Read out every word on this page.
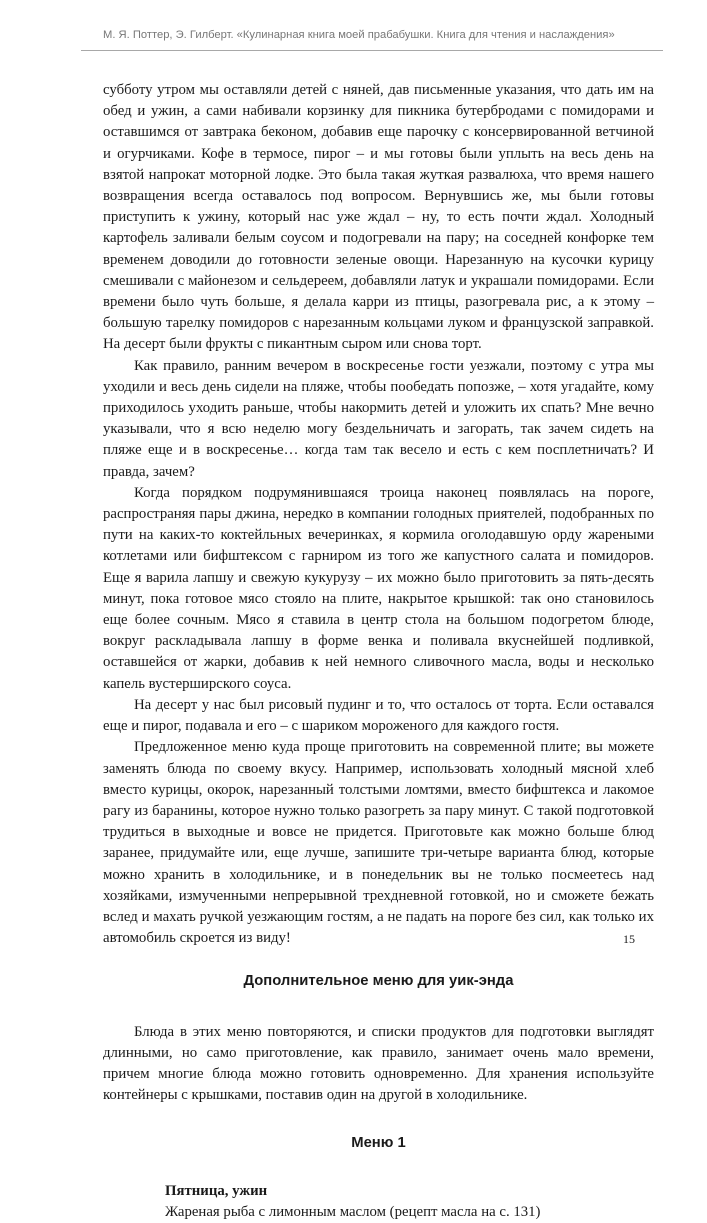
М. Я. Поттер, Э. Гилберт. «Кулинарная книга моей прабабушки. Книга для чтения и наслаждения»

субботу утром мы оставляли детей с няней, дав письменные указания, что дать им на обед и ужин, а сами набивали корзинку для пикника бутербродами с помидорами и оставшимся от завтрака беконом, добавив еще парочку с консервированной ветчиной и огурчиками. Кофе в термосе, пирог – и мы готовы были уплыть на весь день на взятой напрокат моторной лодке. Это была такая жуткая развалюха, что время нашего возвращения всегда оставалось под вопросом. Вернувшись же, мы были готовы приступить к ужину, который нас уже ждал – ну, то есть почти ждал. Холодный картофель заливали белым соусом и подогревали на пару; на соседней конфорке тем временем доводили до готовности зеленые овощи. Нарезанную на кусочки курицу смешивали с майонезом и сельдереем, добавляли латук и украшали помидорами. Если времени было чуть больше, я делала карри из птицы, разогревала рис, а к этому – большую тарелку помидоров с нарезанным кольцами луком и французской заправкой. На десерт были фрукты с пикантным сыром или снова торт.

Как правило, ранним вечером в воскресенье гости уезжали, поэтому с утра мы уходили и весь день сидели на пляже, чтобы пообедать попозже, – хотя угадайте, кому приходилось уходить раньше, чтобы накормить детей и уложить их спать? Мне вечно указывали, что я всю неделю могу бездельничать и загорать, так зачем сидеть на пляже еще и в воскресенье… когда там так весело и есть с кем посплетничать? И правда, зачем?

Когда порядком подрумянившаяся троица наконец появлялась на пороге, распространяя пары джина, нередко в компании голодных приятелей, подобранных по пути на каких-то коктейльных вечеринках, я кормила оголодавшую орду жареными котлетами или бифштексом с гарниром из того же капустного салата и помидоров. Еще я варила лапшу и свежую кукурузу – их можно было приготовить за пять-десять минут, пока готовое мясо стояло на плите, накрытое крышкой: так оно становилось еще более сочным. Мясо я ставила в центр стола на большом подогретом блюде, вокруг раскладывала лапшу в форме венка и поливала вкуснейшей подливкой, оставшейся от жарки, добавив к ней немного сливочного масла, воды и несколько капель вустерширского соуса.

На десерт у нас был рисовый пудинг и то, что осталось от торта. Если оставался еще и пирог, подавала и его – с шариком мороженого для каждого гостя.

Предложенное меню куда проще приготовить на современной плите; вы можете заменять блюда по своему вкусу. Например, использовать холодный мясной хлеб вместо курицы, окорок, нарезанный толстыми ломтями, вместо бифштекса и лакомое рагу из баранины, которое нужно только разогреть за пару минут. С такой подготовкой трудиться в выходные и вовсе не придется. Приготовьте как можно больше блюд заранее, придумайте или, еще лучше, запишите три-четыре варианта блюд, которые можно хранить в холодильнике, и в понедельник вы не только посмеетесь над хозяйками, измученными непрерывной трехдневной готовкой, но и сможете бежать вслед и махать ручкой уезжающим гостям, а не падать на пороге без сил, как только их автомобиль скроется из виду!

Дополнительное меню для уик-энда

Блюда в этих меню повторяются, и списки продуктов для подготовки выглядят длинными, но само приготовление, как правило, занимает очень мало времени, причем многие блюда можно готовить одновременно. Для хранения используйте контейнеры с крышками, поставив один на другой в холодильнике.

Меню 1

Пятница, ужин

Жареная рыба с лимонным маслом (рецепт масла на с. 131)

15
